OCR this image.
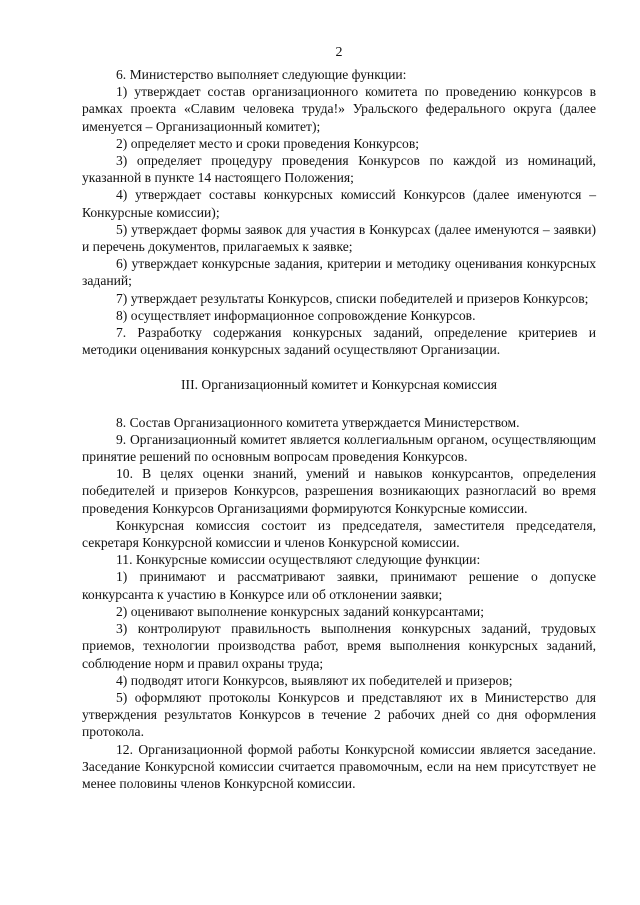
2

6. Министерство выполняет следующие функции:

1) утверждает состав организационного комитета по проведению конкурсов в рамках проекта «Славим человека труда!» Уральского федерального округа (далее именуется – Организационный комитет);

2) определяет место и сроки проведения Конкурсов;

3) определяет процедуру проведения Конкурсов по каждой из номинаций, указанной в пункте 14 настоящего Положения;

4) утверждает составы конкурсных комиссий Конкурсов (далее именуются – Конкурсные комиссии);

5) утверждает формы заявок для участия в Конкурсах (далее именуются – заявки) и перечень документов, прилагаемых к заявке;

6) утверждает конкурсные задания, критерии и методику оценивания конкурсных заданий;

7) утверждает результаты Конкурсов, списки победителей и призеров Конкурсов;

8) осуществляет информационное сопровождение Конкурсов.

7. Разработку содержания конкурсных заданий, определение критериев и методики оценивания конкурсных заданий осуществляют Организации.

III. Организационный комитет и Конкурсная комиссия

8. Состав Организационного комитета утверждается Министерством.

9. Организационный комитет является коллегиальным органом, осуществляющим принятие решений по основным вопросам проведения Конкурсов.

10. В целях оценки знаний, умений и навыков конкурсантов, определения победителей и призеров Конкурсов, разрешения возникающих разногласий во время проведения Конкурсов Организациями формируются Конкурсные комиссии.

Конкурсная комиссия состоит из председателя, заместителя председателя, секретаря Конкурсной комиссии и членов Конкурсной комиссии.

11. Конкурсные комиссии осуществляют следующие функции:

1) принимают и рассматривают заявки, принимают решение о допуске конкурсанта к участию в Конкурсе или об отклонении заявки;

2) оценивают выполнение конкурсных заданий конкурсантами;

3) контролируют правильность выполнения конкурсных заданий, трудовых приемов, технологии производства работ, время выполнения конкурсных заданий, соблюдение норм и правил охраны труда;

4) подводят итоги Конкурсов, выявляют их победителей и призеров;

5) оформляют протоколы Конкурсов и представляют их в Министерство для утверждения результатов Конкурсов в течение 2 рабочих дней со дня оформления протокола.

12. Организационной формой работы Конкурсной комиссии является заседание. Заседание Конкурсной комиссии считается правомочным, если на нем присутствует не менее половины членов Конкурсной комиссии.
